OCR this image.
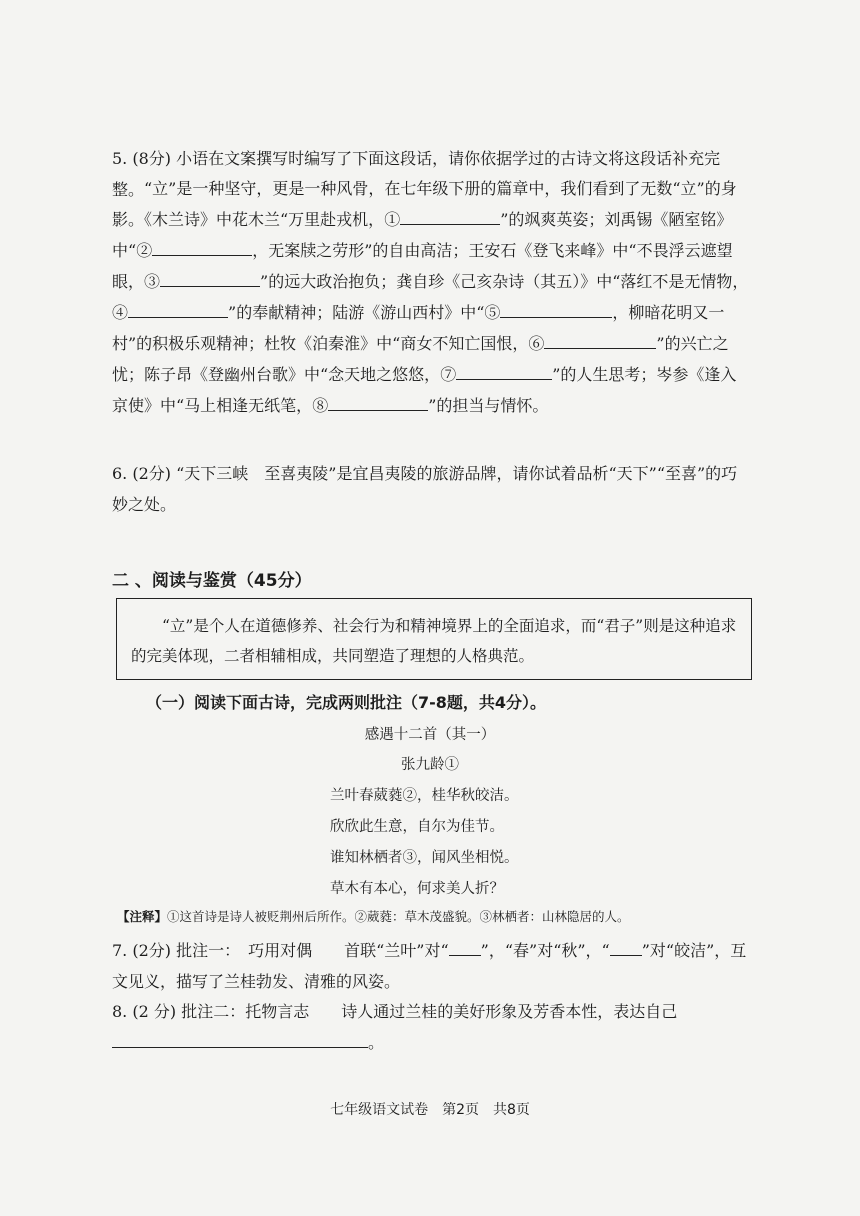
5. (8分) 小语在文案撰写时编写了下面这段话，请你依据学过的古诗文将这段话补充完整。 “立”是一种坚守，更是一种风骨，在七年级下册的篇章中，我们看到了无数“立”的身影。《木兰诗》中花木兰“万里赴戎机，①	”的飒爽英姿；刘禹锡《陋室铭》中“②	，无案牍之劳形”的自由高洁；王安石《登飞来峰》中“不畏浮云遮望眼，③	”的远大政治抱负；龚自珍《己亥杂诗（其五）》中“落红不是无情物，④	”的奉献精神；陆游《游山西村》中“⑤	，柳暗花明又一村”的积极乐观精神；杜牧《泊秦淮》中“商女不知亡国恨，⑥	”的兴亡之忧；陈子昂《登幽州台歌》中“念天地之悠悠，⑦	”的人生思考；岑参《逢入京使》中“马上相逢无纸笔，⑧	”的担当与情怀。
6. (2分) “天下三峡　至喜夷陵”是宜昌夷陵的旅游品牌，请你试着品析“天下”“至喜”的巧妙之处。
二 、阅读与鉴赏（45分）
“立”是个人在道德修养、社会行为和精神境界上的全面追求，而“君子”则是这种追求的完美体现，二者相辅相成，共同塑造了理想的人格典范。
（一）阅读下面古诗，完成两则批注（7-8题，共4分）。
感遇十二首（其一）
张九龄①
兰叶春葳蕤②，桂华秋皎洁。
欣欣此生意，自尔为佳节。
谁知林栖者③，闻风坐相悦。
草木有本心，何求美人折？
【注释】①这首诗是诗人被贬荆州后所作。②葳蕤：草木茂盛貌。③林栖者：山林隐居的人。
7. (2分) 批注一：　巧用对偶　　首联“兰叶”对“ ”，“春”对“秋”，“ ”对“皎洁”，互文见义，描写了兰桂勃发、清雅的风姿。
8. (2 分) 批注二：托物言志　　诗人通过兰桂的美好形象及芳香本性，表达自己
。
七年级语文试卷　第2页　共8页
